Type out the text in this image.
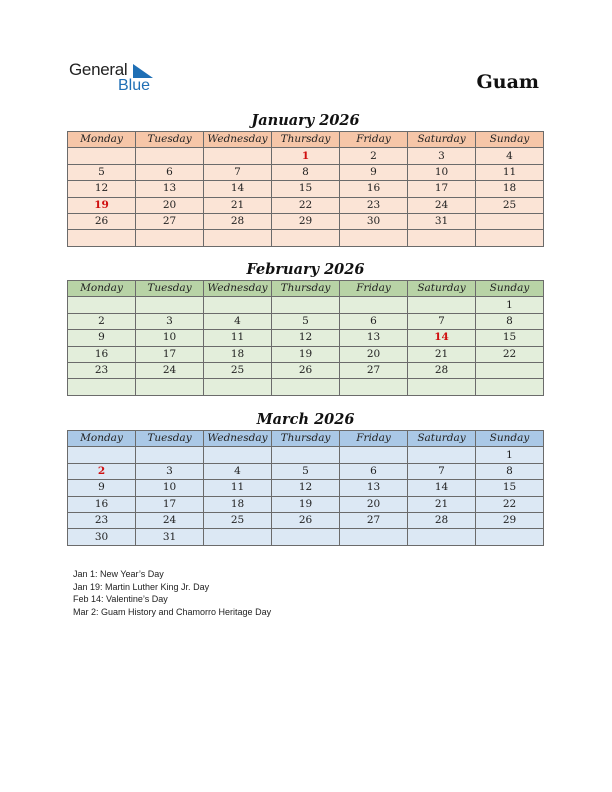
General
Blue	Guam
January 2026
Monday	Tuesday	Wednesday	Thursday	Friday	Saturday	Sunday
			1	2	3	4
5	6	7	8	9	10	11
12	13	14	15	16	17	18
19	20	21	22	23	24	25
26	27	28	29	30	31	

February 2026
Monday	Tuesday	Wednesday	Thursday	Friday	Saturday	Sunday
						1
2	3	4	5	6	7	8
9	10	11	12	13	14	15
16	17	18	19	20	21	22
23	24	25	26	27	28	

March 2026
Monday	Tuesday	Wednesday	Thursday	Friday	Saturday	Sunday
						1
2	3	4	5	6	7	8
9	10	11	12	13	14	15
16	17	18	19	20	21	22
23	24	25	26	27	28	29
30	31					
Jan 1: New Year’s Day
Jan 19: Martin Luther King Jr. Day
Feb 14: Valentine’s Day
Mar 2: Guam History and Chamorro Heritage Day
